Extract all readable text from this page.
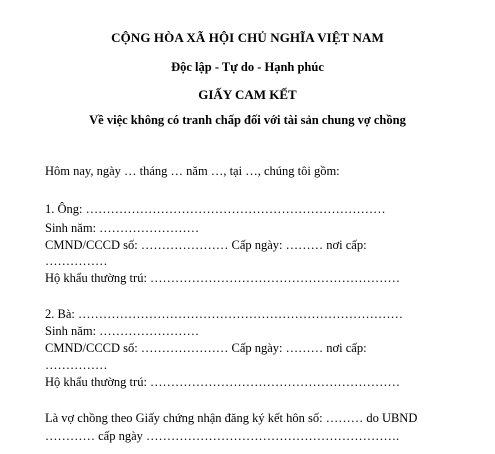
CỘNG HÒA XÃ HỘI CHỦ NGHĨA VIỆT NAM
Độc lập - Tự do - Hạnh phúc
GIẤY CAM KẾT
Về việc không có tranh chấp đối với tài sản chung vợ chồng
Hôm nay, ngày … tháng … năm …, tại …, chúng tôi gồm:
1. Ông: ………………………………………………………………
Sinh năm: ……………………
CMND/CCCD số: ………………… Cấp ngày: ……… nơi cấp:
……………
Hộ khẩu thường trú: ……………………………………………………
2. Bà: ……………………………………………………………………
Sinh năm: ……………………
CMND/CCCD số: ………………… Cấp ngày: ……… nơi cấp:
……………
Hộ khẩu thường trú: ……………………………………………………
Là vợ chồng theo Giấy chứng nhận đăng ký kết hôn số: ……… do UBND
………… cấp ngày …………………………………………………….
